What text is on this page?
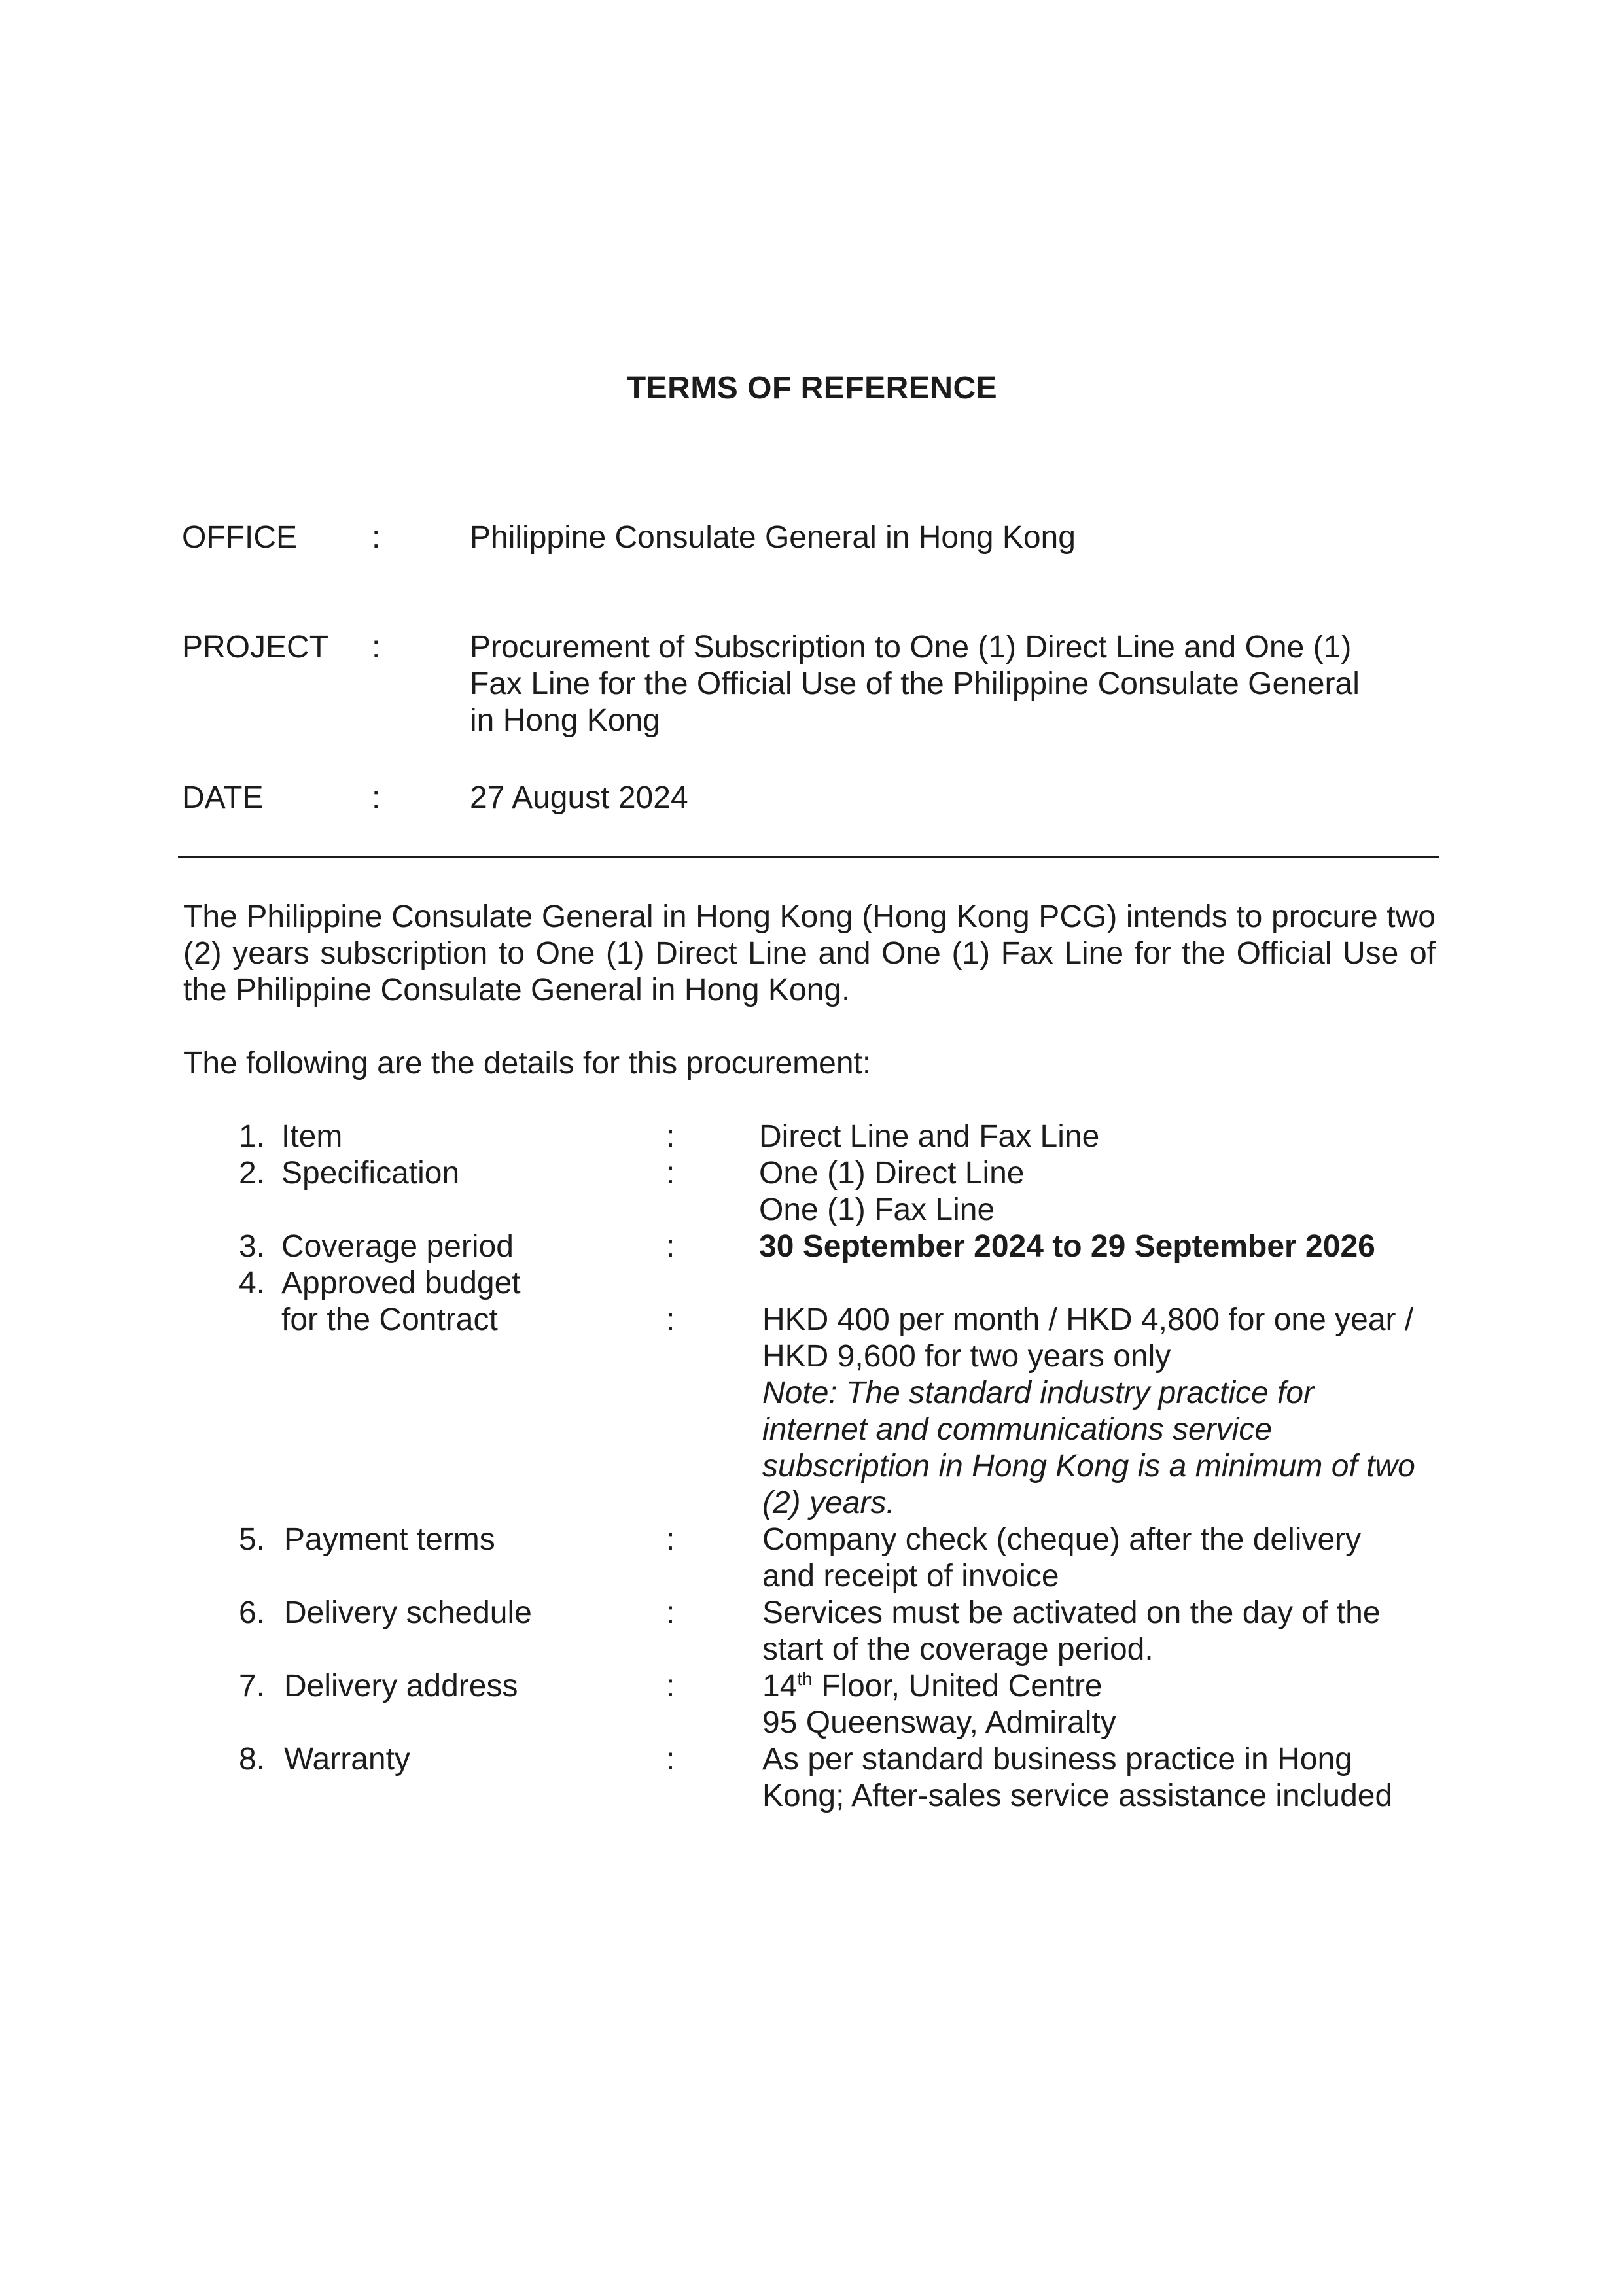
TERMS OF REFERENCE
OFFICE :	Philippine Consulate General in Hong Kong
PROJECT :	Procurement of Subscription to One (1) Direct Line and One (1)
Fax Line for the Official Use of the Philippine Consulate General
in Hong Kong
DATE	:	27 August 2024
The Philippine Consulate General in Hong Kong (Hong Kong PCG) intends to procure two (2) years subscription to One (1) Direct Line and One (1) Fax Line for the Official Use of the Philippine Consulate General in Hong Kong.
The following are the details for this procurement:
1. Item	:	Direct Line and Fax Line
2. Specification	:	One (1) Direct Line
One (1) Fax Line
3. Coverage period	:	30 September 2024 to 29 September 2026
4. Approved budget
for the Contract	:	HKD 400 per month / HKD 4,800 for one year /
HKD 9,600 for two years only
Note: The standard industry practice for
internet and communications service
subscription in Hong Kong is a minimum of two
(2) years.
5. Payment terms	:	Company check (cheque) after the delivery
and receipt of invoice
6. Delivery schedule	:	Services must be activated on the day of the
start of the coverage period.
7. Delivery address	:	14th Floor, United Centre
95 Queensway, Admiralty
8. Warranty	:	As per standard business practice in Hong
Kong; After-sales service assistance included
